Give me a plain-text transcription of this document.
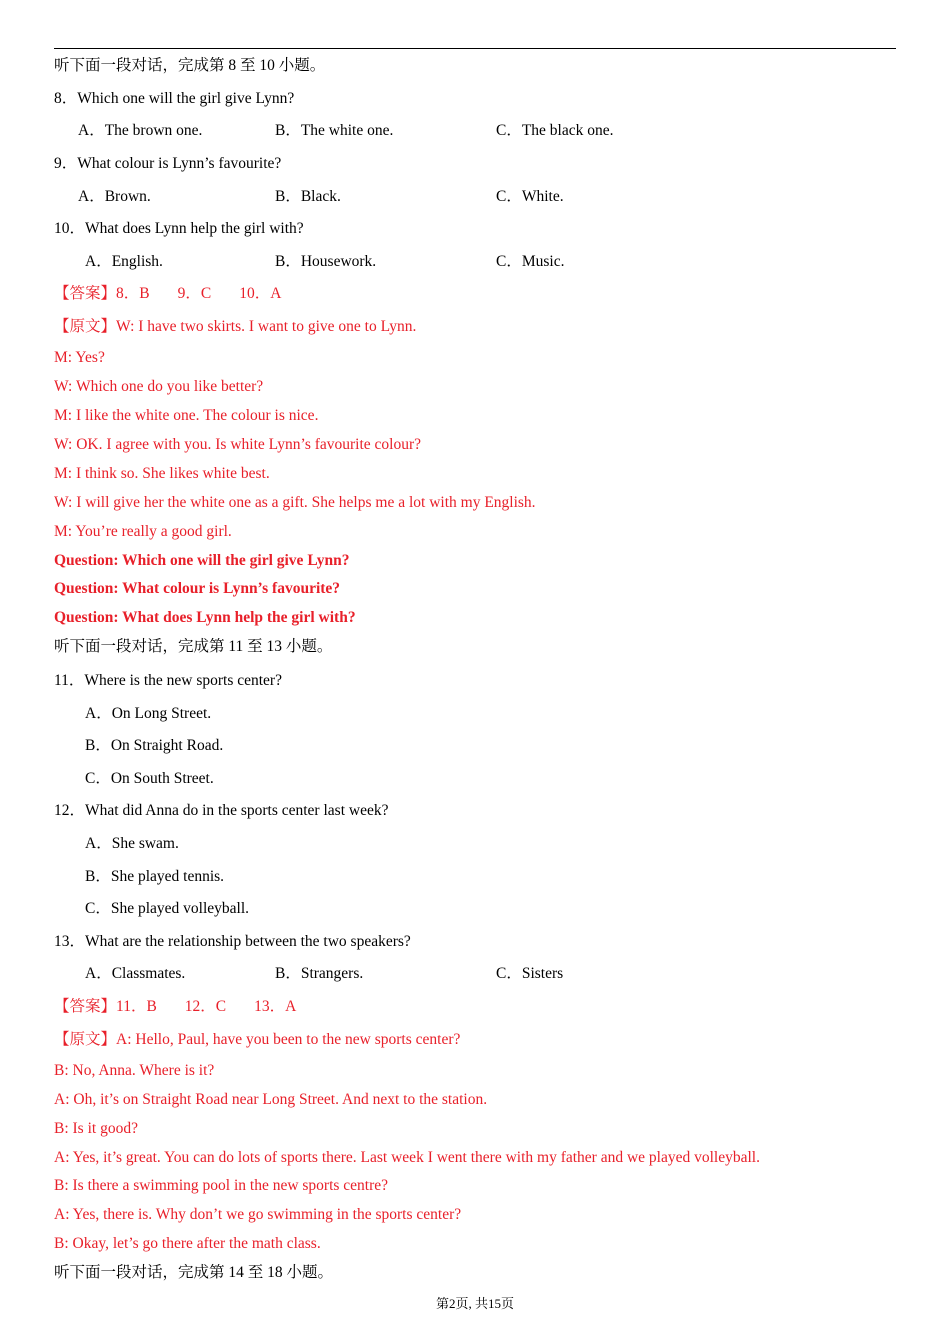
听下面一段对话，完成第 8 至 10 小题。
8．Which one will the girl give Lynn?
A．The brown one.	B．The white one.	C．The black one.
9．What colour is Lynn’s favourite?
A．Brown.	B．Black.	C．White.
10．What does Lynn help the girl with?
A．English.	B．Housework.	C．Music.
【答案】8．B 9．C 10．A
【原文】W: I have two skirts. I want to give one to Lynn.
M: Yes?
W: Which one do you like better?
M: I like the white one. The colour is nice.
W: OK. I agree with you. Is white Lynn’s favourite colour?
M: I think so. She likes white best.
W: I will give her the white one as a gift. She helps me a lot with my English.
M: You’re really a good girl.
Question: Which one will the girl give Lynn?
Question: What colour is Lynn’s favourite?
Question: What does Lynn help the girl with?
听下面一段对话，完成第 11 至 13 小题。
11．Where is the new sports center?
A．On Long Street.
B．On Straight Road.
C．On South Street.
12．What did Anna do in the sports center last week?
A．She swam.
B．She played tennis.
C．She played volleyball.
13．What are the relationship between the two speakers?
A．Classmates.	B．Strangers.	C．Sisters
【答案】11．B 12．C 13．A
【原文】A: Hello, Paul, have you been to the new sports center?
B: No, Anna. Where is it?
A: Oh, it’s on Straight Road near Long Street. And next to the station.
B: Is it good?
A: Yes, it’s great. You can do lots of sports there. Last week I went there with my father and we played volleyball.
B: Is there a swimming pool in the new sports centre?
A: Yes, there is. Why don’t we go swimming in the sports center?
B: Okay, let’s go there after the math class.
听下面一段对话，完成第 14 至 18 小题。
第2页, 共15页
